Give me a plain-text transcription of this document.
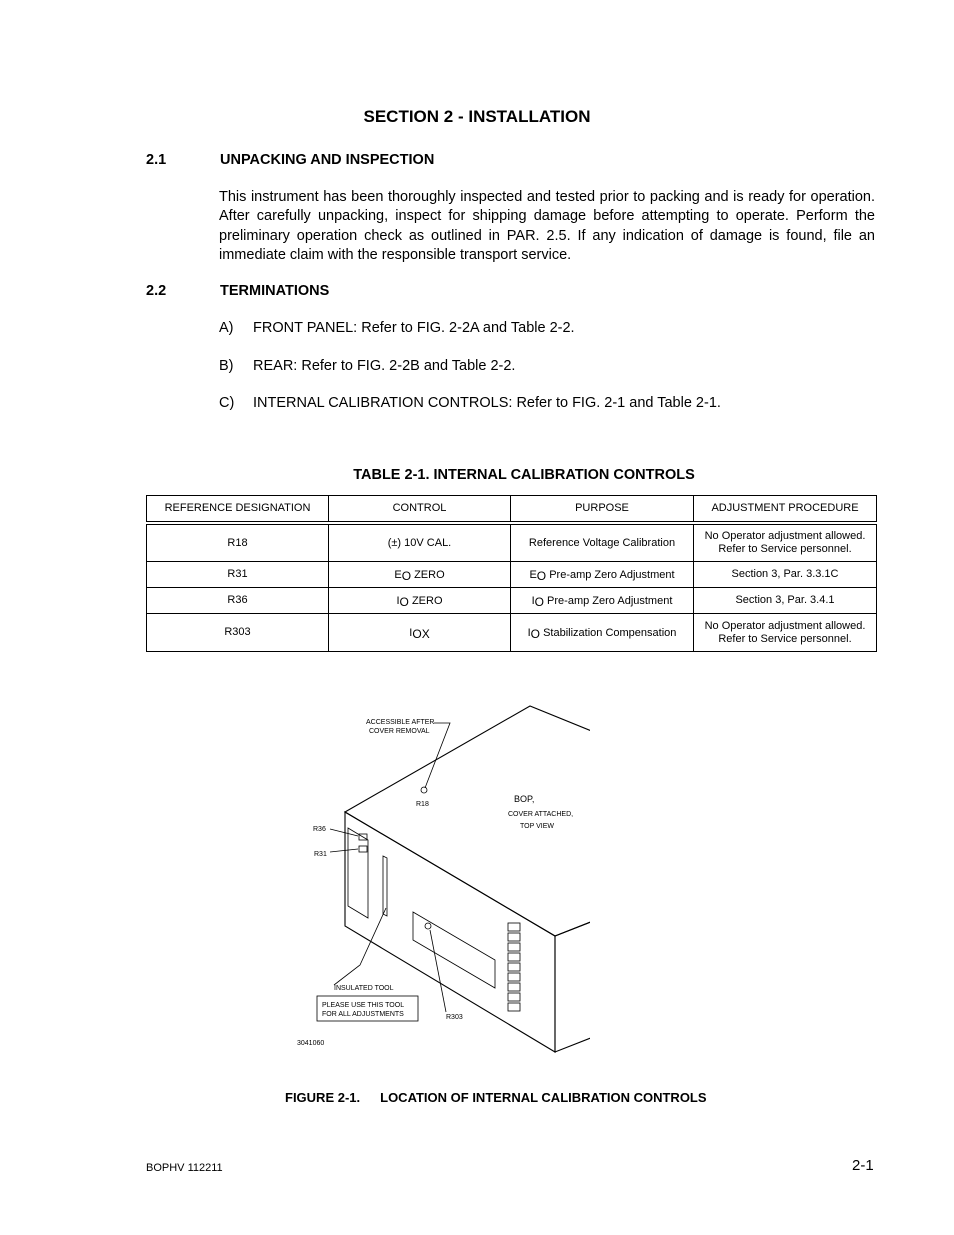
SECTION 2 - INSTALLATION
2.1	UNPACKING AND INSPECTION
This instrument has been thoroughly inspected and tested prior to packing and is ready for operation. After carefully unpacking, inspect for shipping damage before attempting to operate. Perform the preliminary operation check as outlined in PAR. 2.5. If any indication of damage is found, file an immediate claim with the responsible transport service.
2.2	TERMINATIONS
A) FRONT PANEL: Refer to FIG. 2-2A and Table 2-2.
B) REAR: Refer to FIG. 2-2B and Table 2-2.
C) INTERNAL CALIBRATION CONTROLS: Refer to FIG. 2-1 and Table 2-1.
TABLE 2-1. INTERNAL CALIBRATION CONTROLS
REFERENCE DESIGNATION	CONTROL	PURPOSE	ADJUSTMENT PROCEDURE
R18	(±) 10V CAL.	Reference Voltage Calibration	No Operator adjustment allowed.
Refer to Service personnel.
R31	EO ZERO	EO Pre-amp Zero Adjustment	Section 3, Par. 3.3.1C
R36	IO ZERO	IO Pre-amp Zero Adjustment	Section 3, Par. 3.4.1
R303	IOX	IO Stabilization Compensation	No Operator adjustment allowed.
Refer to Service personnel.
ACCESSIBLE AFTER
COVER REMOVAL
R18
BOP,
COVER ATTACHED,
TOP VIEW
R36
R31
INSULATED TOOL
PLEASE USE THIS TOOL
FOR ALL ADJUSTMENTS	R303
3041060
FIGURE 2-1. LOCATION OF INTERNAL CALIBRATION CONTROLS
BOPHV 112211	2-1
